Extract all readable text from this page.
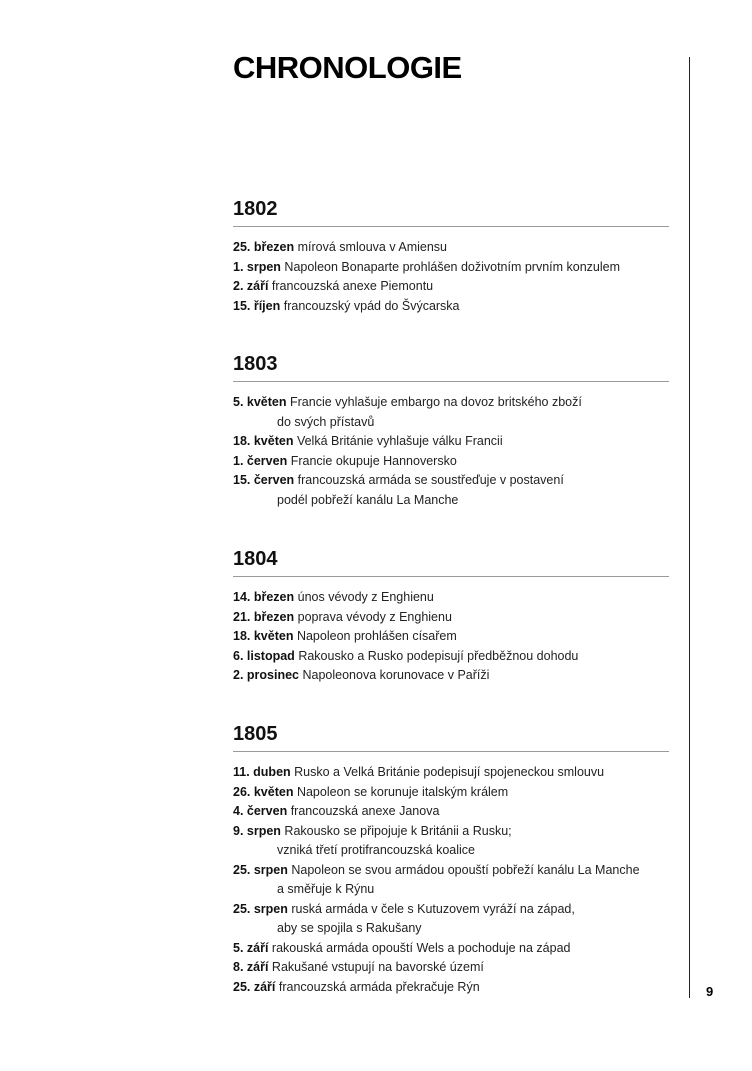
CHRONOLOGIE
9
1802
25. březen mírová smlouva v Amiensu
1. srpen Napoleon Bonaparte prohlášen doživotním prvním konzulem
2. září francouzská anexe Piemontu
15. říjen francouzský vpád do Švýcarska
1803
5. květen Francie vyhlašuje embargo na dovoz britského zboží
do svých přístavů
18. květen Velká Británie vyhlašuje válku Francii
1. červen Francie okupuje Hannoversko
15. červen francouzská armáda se soustřeďuje v postavení
podél pobřeží kanálu La Manche
1804
14. březen únos vévody z Enghienu
21. březen poprava vévody z Enghienu
18. květen Napoleon prohlášen císařem
6. listopad Rakousko a Rusko podepisují předběžnou dohodu
2. prosinec Napoleonova korunovace v Paříži
1805
11. duben Rusko a Velká Británie podepisují spojeneckou smlouvu
26. květen Napoleon se korunuje italským králem
4. červen francouzská anexe Janova
9. srpen Rakousko se připojuje k Británii a Rusku;
vzniká třetí protifrancouzská koalice
25. srpen Napoleon se svou armádou opouští pobřeží kanálu La Manche
a směřuje k Rýnu
25. srpen ruská armáda v čele s Kutuzovem vyráží na západ,
aby se spojila s Rakušany
5. září rakouská armáda opouští Wels a pochoduje na západ
8. září Rakušané vstupují na bavorské území
25. září francouzská armáda překračuje Rýn
